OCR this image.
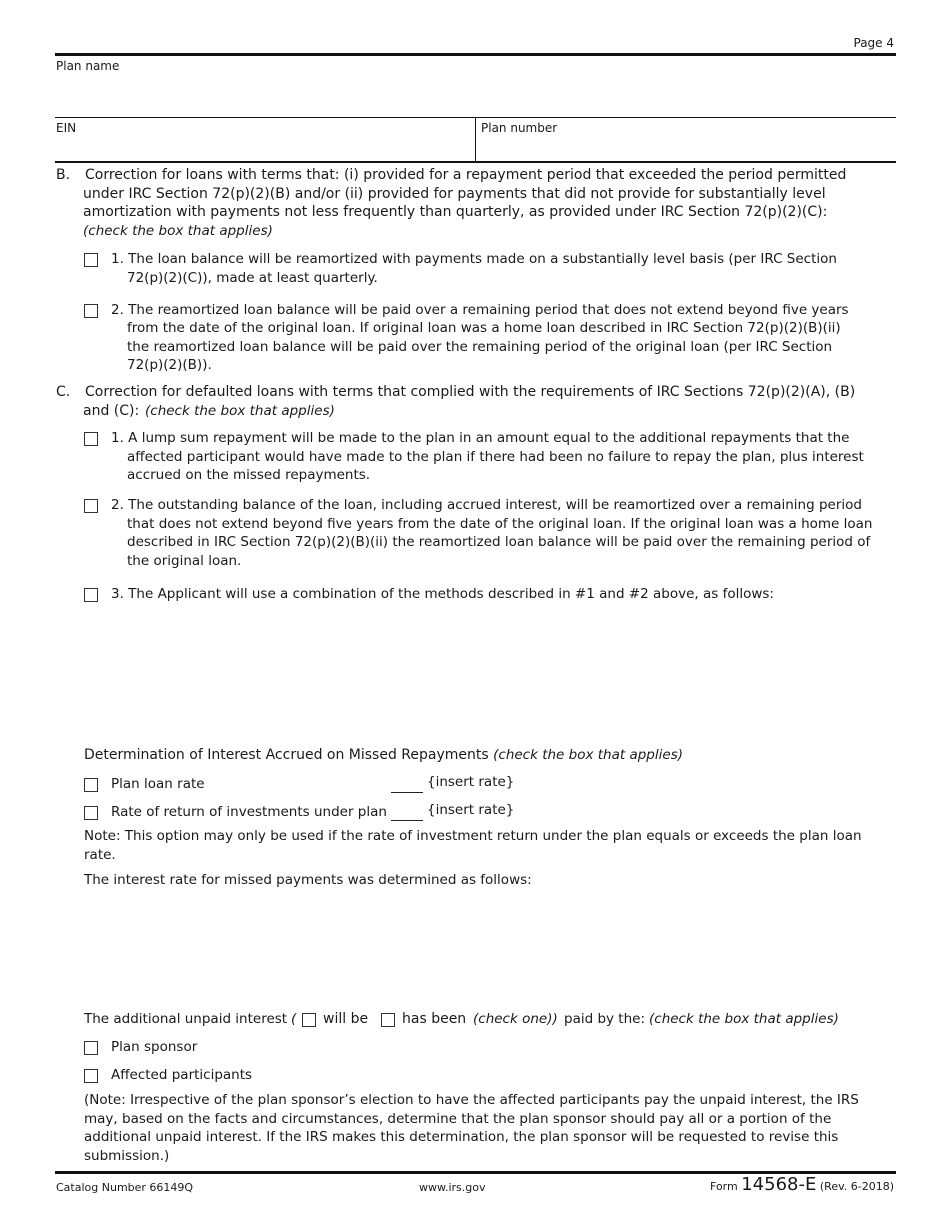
Page 4
Plan name
EIN	Plan number
B. Correction for loans with terms that: (i) provided for a repayment period that exceeded the period permitted
under IRC Section 72(p)(2)(B) and/or (ii) provided for payments that did not provide for substantially level
amortization with payments not less frequently than quarterly, as provided under IRC Section 72(p)(2)(C):
(check the box that applies)
1. The loan balance will be reamortized with payments made on a substantially level basis (per IRC Section
72(p)(2)(C)), made at least quarterly.
2. The reamortized loan balance will be paid over a remaining period that does not extend beyond five years
from the date of the original loan. If original loan was a home loan described in IRC Section 72(p)(2)(B)(ii)
the reamortized loan balance will be paid over the remaining period of the original loan (per IRC Section
72(p)(2)(B)).
C. Correction for defaulted loans with terms that complied with the requirements of IRC Sections 72(p)(2)(A), (B)
and (C): (check the box that applies)
1. A lump sum repayment will be made to the plan in an amount equal to the additional repayments that the
affected participant would have made to the plan if there had been no failure to repay the plan, plus interest
accrued on the missed repayments.
2. The outstanding balance of the loan, including accrued interest, will be reamortized over a remaining period
that does not extend beyond five years from the date of the original loan. If the original loan was a home loan
described in IRC Section 72(p)(2)(B)(ii) the reamortized loan balance will be paid over the remaining period of
the original loan.
3. The Applicant will use a combination of the methods described in #1 and #2 above, as follows:
Determination of Interest Accrued on Missed Repayments (check the box that applies)
Plan loan rate	{insert rate}
Rate of return of investments under plan	{insert rate}
Note: This option may only be used if the rate of investment return under the plan equals or exceeds the plan loan
rate.
The interest rate for missed payments was determined as follows:
The additional unpaid interest ( will be has been (check one)) paid by the: (check the box that applies)
Plan sponsor
Affected participants
(Note: Irrespective of the plan sponsor’s election to have the affected participants pay the unpaid interest, the IRS
may, based on the facts and circumstances, determine that the plan sponsor should pay all or a portion of the
additional unpaid interest. If the IRS makes this determination, the plan sponsor will be requested to revise this
submission.)
Catalog Number 66149Q	www.irs.gov	Form 14568-E (Rev. 6-2018)
